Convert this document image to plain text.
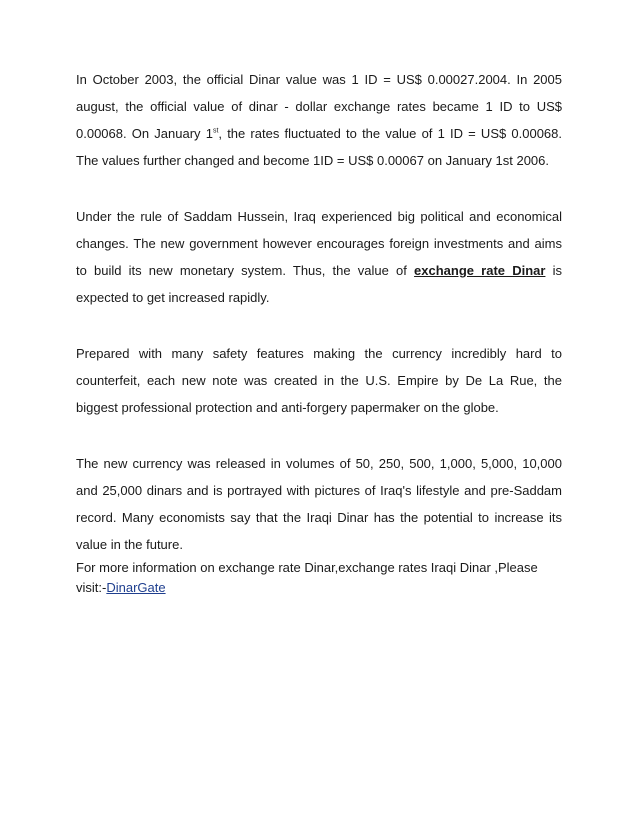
In October 2003, the official Dinar value was 1 ID = US$ 0.00027.2004. In 2005 august, the official value of dinar - dollar exchange rates became 1 ID to US$ 0.00068. On January 1st, the rates fluctuated to the value of 1 ID = US$ 0.00068. The values further changed and become 1ID = US$ 0.00067 on January 1st 2006.

Under the rule of Saddam Hussein, Iraq experienced big political and economical changes. The new government however encourages foreign investments and aims to build its new monetary system. Thus, the value of exchange rate Dinar is expected to get increased rapidly.

Prepared with many safety features making the currency incredibly hard to counterfeit, each new note was created in the U.S. Empire by De La Rue, the biggest professional protection and anti-forgery papermaker on the globe.

The new currency was released in volumes of 50, 250, 500, 1,000, 5,000, 10,000 and 25,000 dinars and is portrayed with pictures of Iraq's lifestyle and pre-Saddam record. Many economists say that the Iraqi Dinar has the potential to increase its value in the future.

For more information on exchange rate Dinar,exchange rates Iraqi Dinar ,Please visit:-DinarGate
